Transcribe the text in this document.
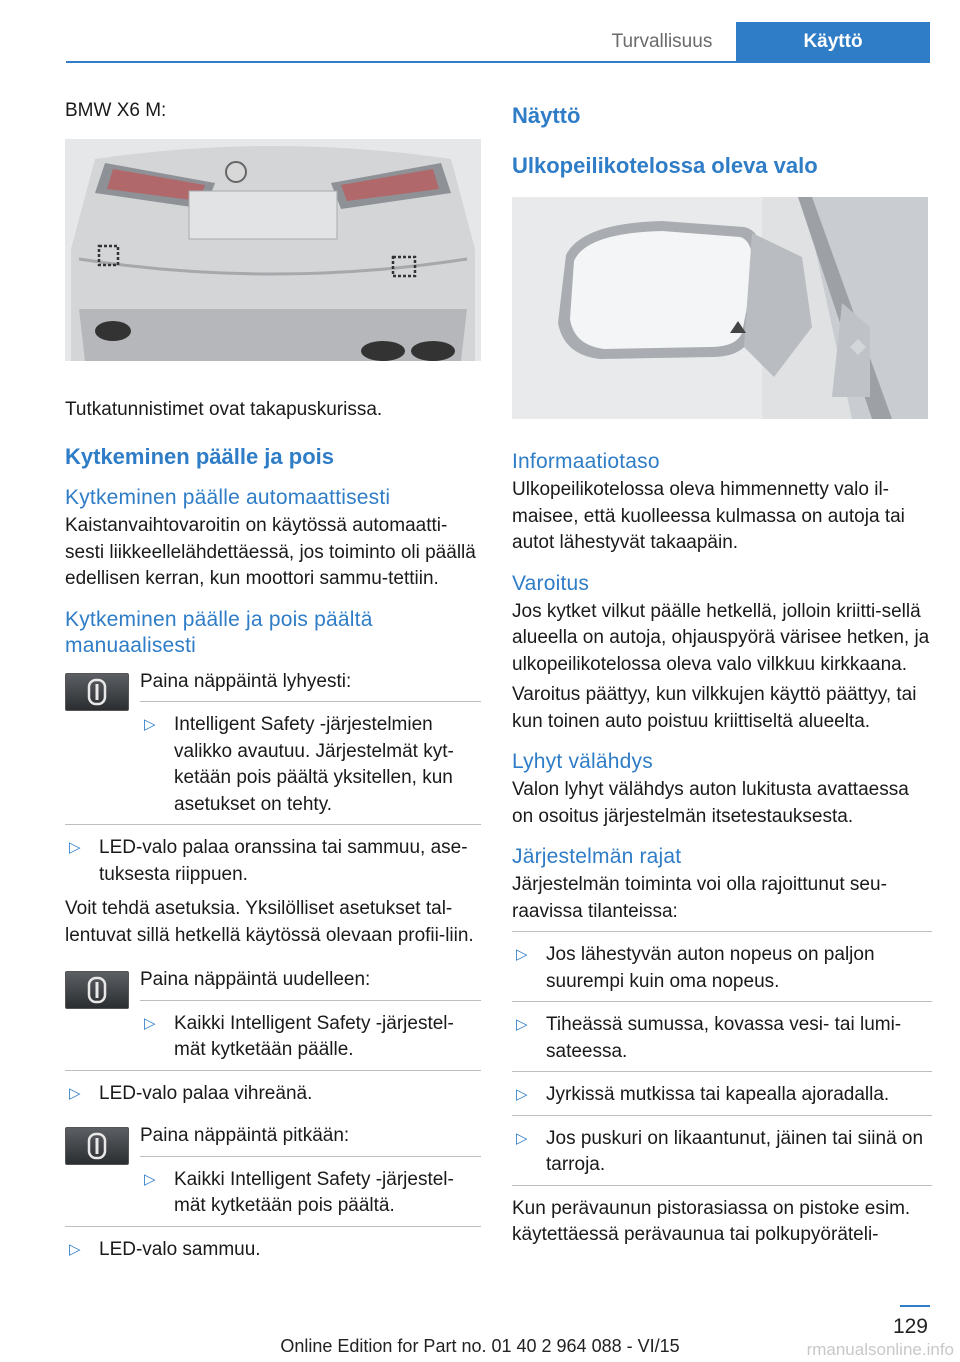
Turvallisuus	Käyttö

BMW X6 M:

Tutkatunnistimet ovat takapuskurissa.

Kytkeminen päälle ja pois
Kytkeminen päälle automaattisesti

Kaistanvaihtovaroitin on käytössä automaatti-sesti liikkeellelähdettäessä, jos toiminto oli päällä edellisen kerran, kun moottori sammu-tettiin.

Kytkeminen päälle ja pois päältä manuaalisesti

Paina näppäintä lyhyesti:

▷ Intelligent Safety -järjestelmien valikko avautuu. Järjestelmät kyt-ketään pois päältä yksitellen, kun asetukset on tehty.
▷ LED-valo palaa oranssina tai sammuu, ase-tuksesta riippuen.

Voit tehdä asetuksia. Yksilölliset asetukset tal-lentuvat sillä hetkellä käytössä olevaan profii-liin.

Paina näppäintä uudelleen:

▷ Kaikki Intelligent Safety -järjestel-mät kytketään päälle.
▷ LED-valo palaa vihreänä.

Paina näppäintä pitkään:

▷ Kaikki Intelligent Safety -järjestel-mät kytketään pois päältä.
▷ LED-valo sammuu.
Näyttö
Ulkopeilikotelossa oleva valo
Informaatiotaso

Ulkopeilikotelossa oleva himmennetty valo il-maisee, että kuolleessa kulmassa on autoja tai autot lähestyvät takaapäin.

Varoitus

Jos kytket vilkut päälle hetkellä, jolloin kriitti-sellä alueella on autoja, ohjauspyörä värisee hetken, ja ulkopeilikotelossa oleva valo vilkkuu kirkkaana.

Varoitus päättyy, kun vilkkujen käyttö päättyy, tai kun toinen auto poistuu kriittiseltä alueelta.

Lyhyt välähdys

Valon lyhyt välähdys auton lukitusta avattaessa on osoitus järjestelmän itsetestauksesta.

Järjestelmän rajat

Järjestelmän toiminta voi olla rajoittunut seu-raavissa tilanteissa:

▷ Jos lähestyvän auton nopeus on paljon suurempi kuin oma nopeus.
▷ Tiheässä sumussa, kovassa vesi- tai lumi-sateessa.
▷ Jyrkissä mutkissa tai kapealla ajoradalla.
▷ Jos puskuri on likaantunut, jäinen tai siinä on tarroja.

Kun perävaunun pistorasiassa on pistoke esim. käytettäessä perävaunua tai polkupyöräteli-

129
Online Edition for Part no. 01 40 2 964 088 - VI/15	rmanualsonline.info
